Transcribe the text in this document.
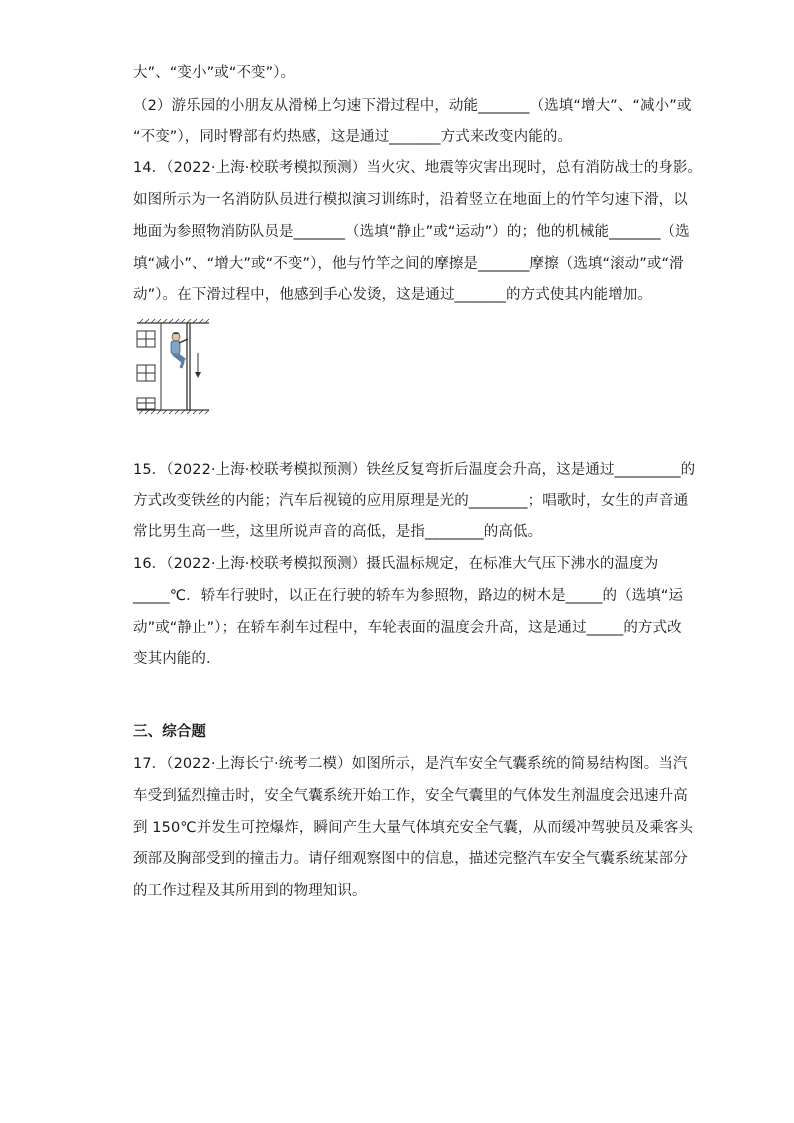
大”、“变小”或“不变”）。
（2）游乐园的小朋友从滑梯上匀速下滑过程中，动能_______（选填“增大”、“减小”或
“不变”），同时臀部有灼热感，这是通过_______方式来改变内能的。
14．（2022·上海·校联考模拟预测）当火灾、地震等灾害出现时，总有消防战士的身影。
如图所示为一名消防队员进行模拟演习训练时，沿着竖立在地面上的竹竿匀速下滑，以
地面为参照物消防队员是_______（选填“静止”或“运动”）的；他的机械能_______（选
填“减小”、“增大”或“不变”），他与竹竿之间的摩擦是_______摩擦（选填“滚动”或“滑
动”）。在下滑过程中，他感到手心发烫，这是通过_______的方式使其内能增加。
15．（2022·上海·校联考模拟预测）铁丝反复弯折后温度会升高，这是通过_________的
方式改变铁丝的内能；汽车后视镜的应用原理是光的________；唱歌时，女生的声音通
常比男生高一些，这里所说声音的高低，是指________的高低。
16．（2022·上海·校联考模拟预测）摄氏温标规定，在标准大气压下沸水的温度为
_____℃．轿车行驶时，以正在行驶的轿车为参照物，路边的树木是_____的（选填“运
动”或“静止”）；在轿车刹车过程中，车轮表面的温度会升高，这是通过_____的方式改
变其内能的．
三、综合题
17．（2022·上海长宁·统考二模）如图所示，是汽车安全气囊系统的简易结构图。当汽
车受到猛烈撞击时，安全气囊系统开始工作，安全气囊里的气体发生剂温度会迅速升高
到 150℃并发生可控爆炸，瞬间产生大量气体填充安全气囊，从而缓冲驾驶员及乘客头
颈部及胸部受到的撞击力。请仔细观察图中的信息，描述完整汽车安全气囊系统某部分
的工作过程及其所用到的物理知识。
